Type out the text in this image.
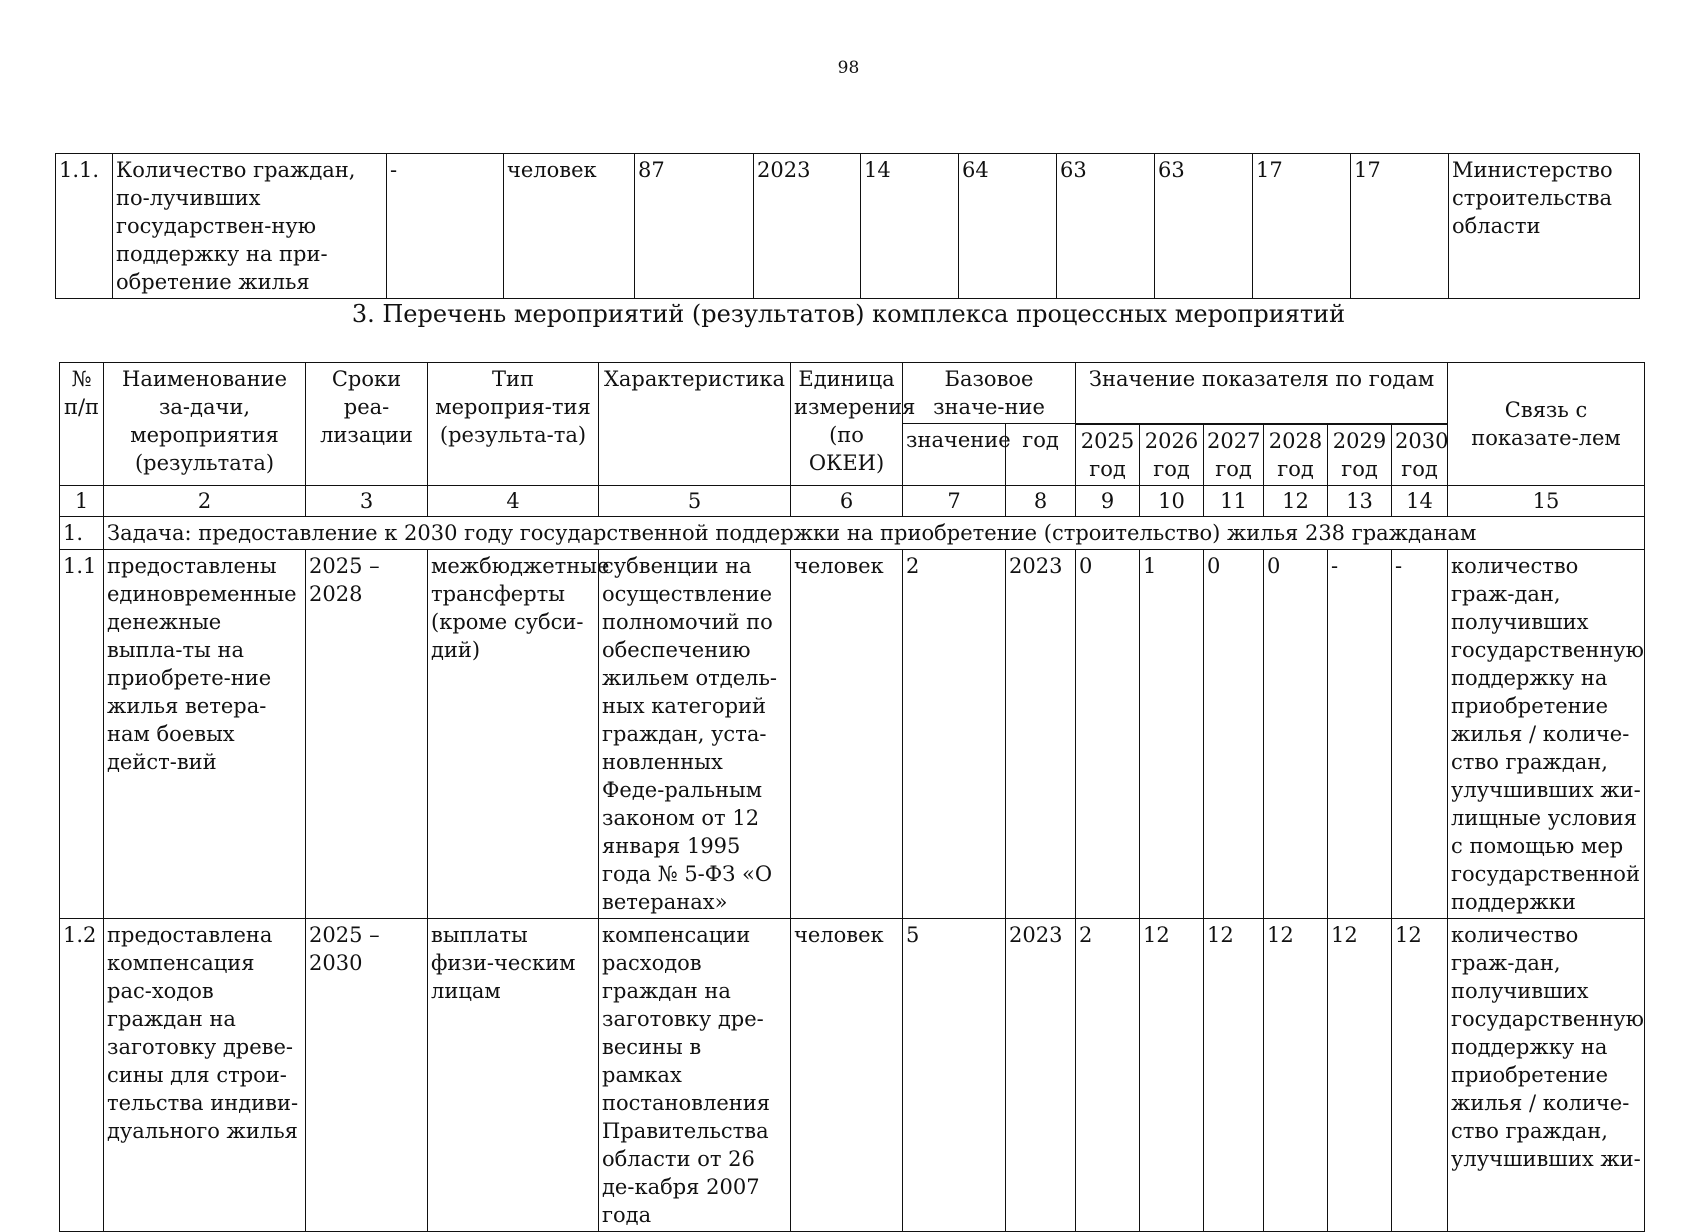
98
1.1.	Количество граждан, по-лучивших государствен-ную поддержку на при-обретение жилья	-	человек	87	2023	14	64	63	63	17	17	Министерство строительства области
3. Перечень мероприятий (результатов) комплекса процессных мероприятий
№ п/п	Наименование за-дачи, мероприятия (результата)	Сроки реа-лизации	Тип мероприя-тия (результа-та)	Характеристика	Единица измерения (по ОКЕИ)	Базовое значе-ние		Значение показателя по годам						Связь с показате-лем
						значение	год							
								2025 год	2026 год	2027 год	2028 год	2029 год	2030 год	
1	2	3	4	5	6	7	8	9	10	11	12	13	14	15
1.	Задача: предоставление к 2030 году государственной поддержки на приобретение (строительство) жилья 238 гражданам													
1.1	предоставлены единовременные денежные выпла-ты на приобрете-ние жилья ветера-нам боевых дейст-вий	2025 – 2028	межбюджетные трансферты (кроме субси-дий)	субвенции на осуществление полномочий по обеспечению жильем отдель-ных категорий граждан, уста-новленных Феде-ральным законом от 12 января 1995 года № 5-ФЗ «О ветеранах»	человек	2	2023	0	1	0	0	-	-	количество граж-дан, получивших государственную поддержку на приобретение жилья / количе-ство граждан, улучшивших жи-лищные условия с помощью мер государственной поддержки
1.2	предоставлена компенсация рас-ходов граждан на заготовку древе-сины для строи-тельства индиви-дуального жилья	2025 – 2030	выплаты физи-ческим лицам	компенсации расходов граждан на заготовку дре-весины в рамках постановления Правительства области от 26 де-кабря 2007 года	человек	5	2023	2	12	12	12	12	12	количество граж-дан, получивших государственную поддержку на приобретение жилья / количе-ство граждан, улучшивших жи-
